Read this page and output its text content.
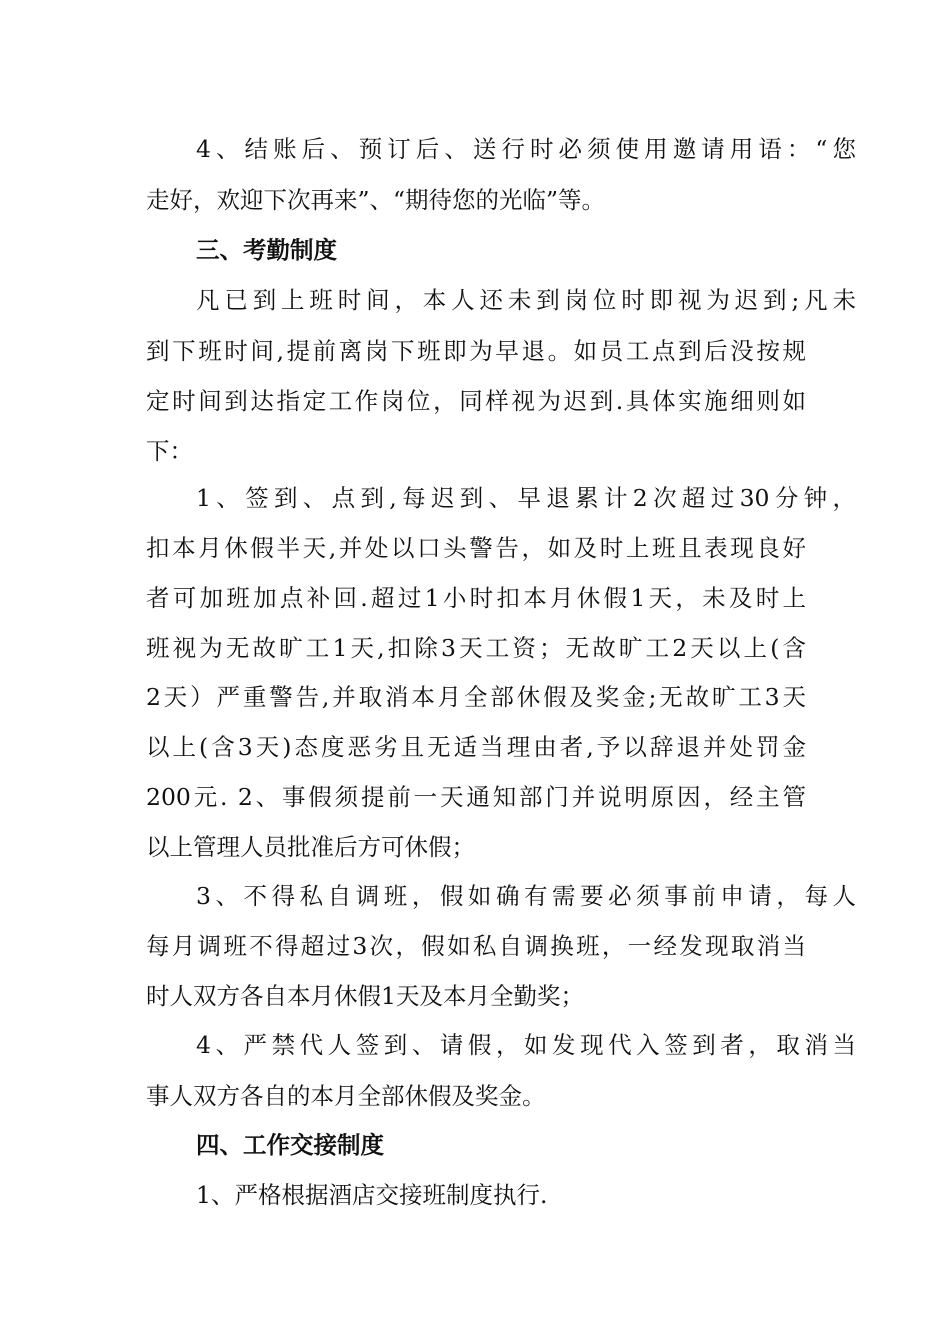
4、结账后、预订后、送行时必须使用邀请用语：“您
走好，欢迎下次再来”、“期待您的光临”等。
三、考勤制度
凡已到上班时间，本人还未到岗位时即视为迟到;凡未
到下班时间,提前离岗下班即为早退。如员工点到后没按规
定时间到达指定工作岗位，同样视为迟到.具体实施细则如
下：
1、签到、点到,每迟到、早退累计2次超过30分钟，
扣本月休假半天,并处以口头警告，如及时上班且表现良好
者可加班加点补回.超过1小时扣本月休假1天，未及时上
班视为无故旷工1天,扣除3天工资；无故旷工2天以上(含
2天）严重警告,并取消本月全部休假及奖金;无故旷工3天
以上(含3天)态度恶劣且无适当理由者,予以辞退并处罚金
200元. 2、事假须提前一天通知部门并说明原因，经主管
以上管理人员批准后方可休假；
3、不得私自调班，假如确有需要必须事前申请，每人
每月调班不得超过3次，假如私自调换班，一经发现取消当
时人双方各自本月休假1天及本月全勤奖；
4、严禁代人签到、请假，如发现代入签到者，取消当
事人双方各自的本月全部休假及奖金。
四、工作交接制度
1、严格根据酒店交接班制度执行.
